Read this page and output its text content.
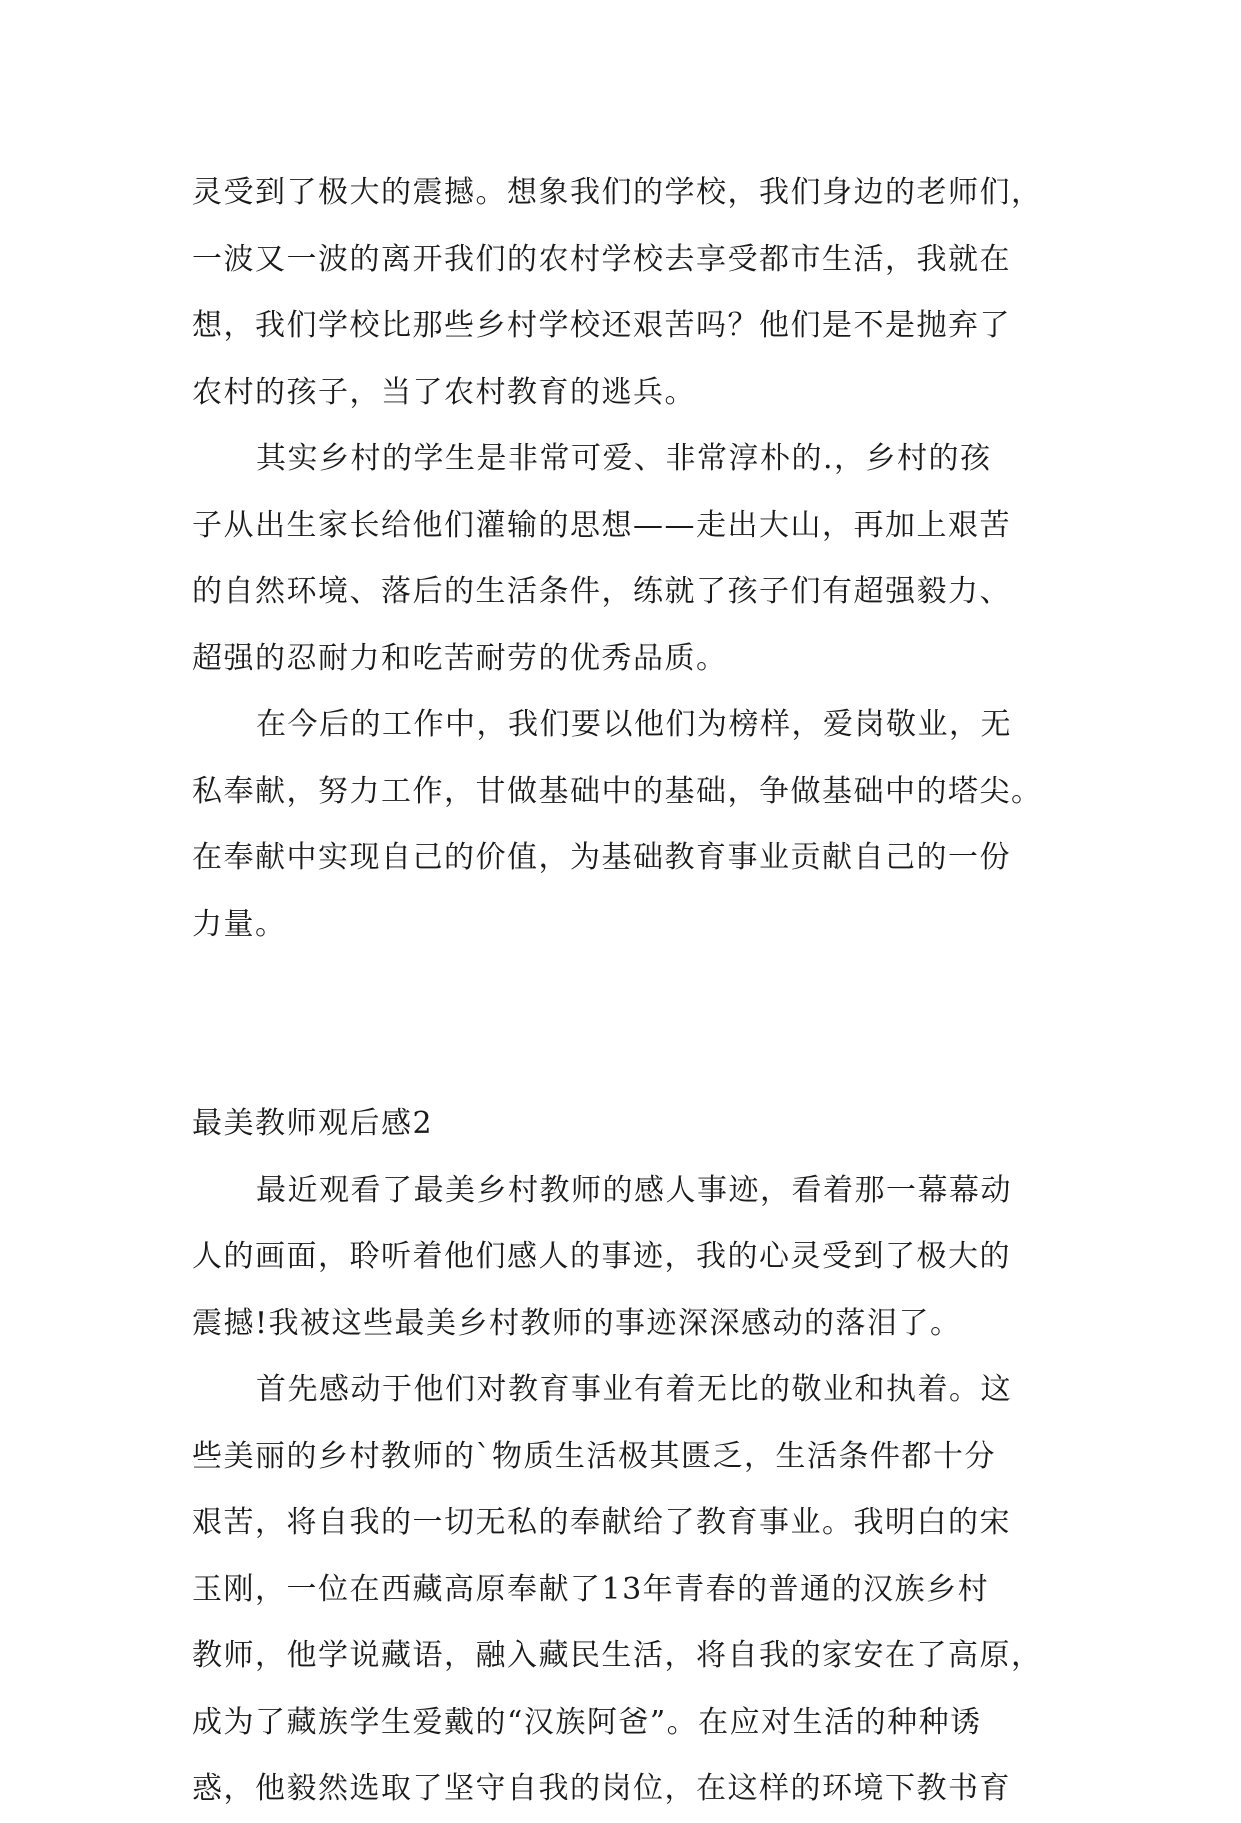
灵受到了极大的震撼。想象我们的学校，我们身边的老师们，
一波又一波的离开我们的农村学校去享受都市生活，我就在
想，我们学校比那些乡村学校还艰苦吗？他们是不是抛弃了
农村的孩子，当了农村教育的逃兵。
其实乡村的学生是非常可爱、非常淳朴的.，乡村的孩
子从出生家长给他们灌输的思想——走出大山，再加上艰苦
的自然环境、落后的生活条件，练就了孩子们有超强毅力、
超强的忍耐力和吃苦耐劳的优秀品质。
在今后的工作中，我们要以他们为榜样，爱岗敬业，无
私奉献，努力工作，甘做基础中的基础，争做基础中的塔尖。
在奉献中实现自己的价值，为基础教育事业贡献自己的一份
力量。
最美教师观后感2
最近观看了最美乡村教师的感人事迹，看着那一幕幕动
人的画面，聆听着他们感人的事迹，我的心灵受到了极大的
震撼!我被这些最美乡村教师的事迹深深感动的落泪了。
首先感动于他们对教育事业有着无比的敬业和执着。这
些美丽的乡村教师的`物质生活极其匮乏，生活条件都十分
艰苦，将自我的一切无私的奉献给了教育事业。我明白的宋
玉刚，一位在西藏高原奉献了13年青春的普通的汉族乡村
教师，他学说藏语，融入藏民生活，将自我的家安在了高原，
成为了藏族学生爱戴的“汉族阿爸”。在应对生活的种种诱
惑，他毅然选取了坚守自我的岗位，在这样的环境下教书育
